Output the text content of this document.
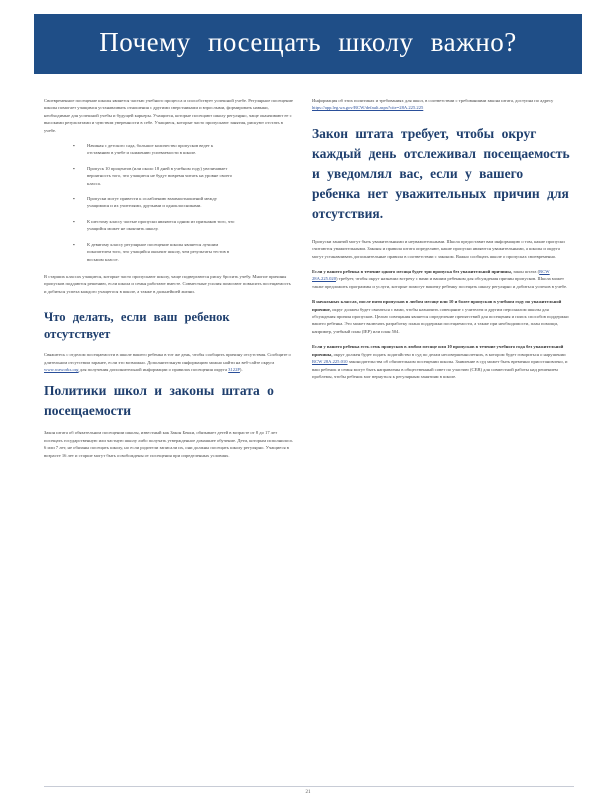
Почему посещать школу важно?

Своевременное посещение школы является частью учебного процесса и способствует успешной учебе. Регулярное посещение школы помогает учащимся устанавливать отношения с другими сверстниками и взрослыми, формировать навыки, необходимые для успешной учебы и будущей карьеры. Учащиеся, которые посещают школу регулярно, чаще оканчивают ее с высокими результатами и чувством уверенности в себе. Учащиеся, которые часто пропускают занятия, рискуют отстать в учебе.

▪	Начиная с детского сада, большое количество пропусков ведет к отставанию в учебе и снижению успеваемости в школе.
▪	Пропуск 10 процентов (или около 18 дней в учебном году) увеличивает вероятность того, что учащиеся не будут вовремя читать на уровне своего класса.
▪	Пропуски могут привести к ослаблению взаимоотношений между учащимися и их учителями, друзьями и одноклассниками.
▪	К шестому классу частые пропуски являются одним из признаков того, что учащийся может не окончить школу.
▪	К девятому классу регулярное посещение школы является лучшим показателем того, что учащийся окончит школу, чем результаты тестов в восьмом классе.

В старших классах учащиеся, которые часто пропускают школу, чаще подвергаются риску бросить учебу. Многие причины пропусков поддаются решению, если школа и семья работают вместе. Совместные усилия помогают повысить посещаемость и добиться успеха каждого учащегося в школе, а также в дальнейшей жизни.

Что делать, если ваш ребенок отсутствует

Свяжитесь с отделом посещаемости в школе вашего ребенка в тот же день, чтобы сообщить причину отсутствия. Сообщите о длительном отсутствии заранее, если это возможно. Дополнительную информацию можно найти на веб-сайте округа www.waworks.org для получения дополнительной информации о правилах посещения округа 3122P).

Политики школ и законы штата о посещаемости

Закон штата об обязательном посещении школы, известный как Закон Бекки, обязывает детей в возрасте от 8 до 17 лет посещать государственную или частную школу либо получать утвержденное домашнее обучение. Дети, которым исполнилось 6 или 7 лет, не обязаны посещать школу, но если родители записали их, они должны посещать школу регулярно. Учащиеся в возрасте 16 лет и старше могут быть освобождены от посещения при определенных условиях.

Информация об этих политиках и требованиях для школ, в соответствии с требованиями закона штата, доступна по адресу https://app.leg.wa.gov/RCW/default.aspx?cite=28A.225.225

Закон штата требует, чтобы округ каждый день отслеживал посещаемость и уведомлял вас, если у вашего ребенка нет уважительных причин для отсутствия.

Пропуски занятий могут быть уважительными и неуважительными. Школа предоставит вам информацию о том, какие пропуски считаются уважительными. Законы и правила штата определяют, какие пропуски являются уважительными, а школы и округа могут устанавливать дополнительные правила в соответствии с законом. Важно сообщать школе о пропусках своевременно.

Если у вашего ребенка в течение одного месяца будет три пропуска без уважительной причины, закон штата (RCW 28A.225.020) требует, чтобы округ назначил встречу с вами и вашим ребенком для обсуждения причин пропусков. Школа может также предложить программы и услуги, которые помогут вашему ребенку посещать школу регулярно и добиться успехов в учебе.

В начальных классах, после пяти пропусков в любом месяце или 10 и более пропусков в учебном году по уважительной причине, округ должен будет связаться с вами, чтобы назначить совещание с учителем и другим персоналом школы для обсуждения причин пропусков. Целью совещания является определение препятствий для посещения и поиск способов поддержки вашего ребенка. Это может включать разработку плана поддержки посещаемости, а также при необходимости, план помощи, например, учебный план (IEP) или план 504.

Если у вашего ребенка есть семь пропусков в любом месяце или 10 пропусков в течение учебного года без уважительной причины, округ должен будет подать ходатайство в суд по делам несовершеннолетних, в котором будет говориться о нарушении RCW 28A.225.010 законодательства об обязательном посещении школы. Заявление в суд может быть временно приостановлено, и ваш ребенок и семья могут быть направлены в общественный совет по участию (CEB) для совместной работы над решением проблемы, чтобы ребенок мог вернуться к регулярным занятиям в школе.

21
